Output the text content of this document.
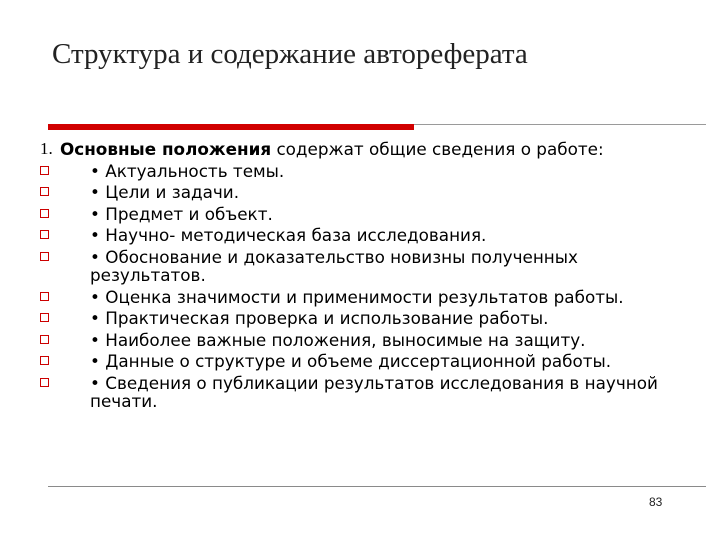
Структура и содержание автореферата
1. Основные положения содержат общие сведения о работе:
• Актуальность темы.
• Цели и задачи.
• Предмет и объект.
• Научно- методическая база исследования.
• Обоснование и доказательство новизны полученных результатов.
• Оценка значимости и применимости результатов работы.
• Практическая проверка и использование работы.
• Наиболее важные положения, выносимые на защиту.
• Данные о структуре и объеме диссертационной работы.
• Сведения о публикации результатов исследования в научной печати.
83
